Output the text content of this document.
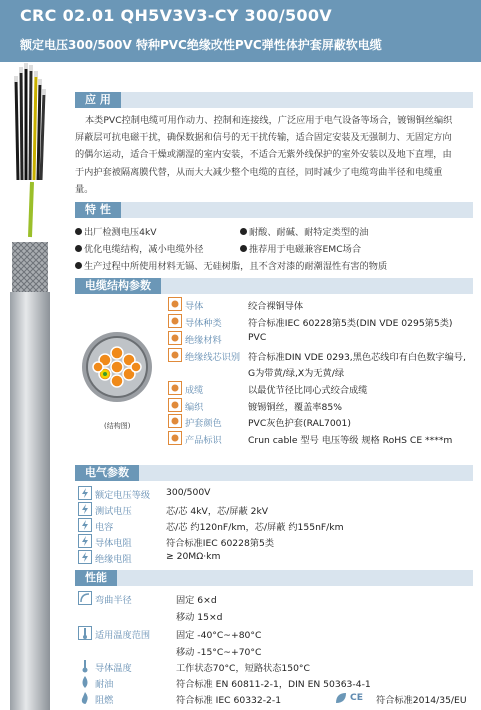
CRC 02.01 QH5V3V3-CY 300/500V
额定电压300/500V 特种PVC绝缘改性PVC弹性体护套屏蔽软电缆
应 用
本类PVC控制电缆可用作动力、控制和连接线，广泛应用于电气设备等场合，镀锡铜丝编织
屏蔽层可抗电磁干扰，确保数据和信号的无干扰传输，适合固定安装及无强制力、无固定方向
的偶尔运动，适合干燥或潮湿的室内安装，不适合无紫外线保护的室外安装以及地下直埋，由
于内护套被隔离膜代替，从而大大减少整个电缆的直径，同时减少了电缆弯曲半径和电缆重
量。
特 性
出厂检测电压4kV	耐酸、耐碱、耐特定类型的油
优化电缆结构，减小电缆外径	推荐用于电磁兼容EMC场合
生产过程中所使用材料无镉、无硅树脂，且不含对漆的耐潮湿性有害的物质
电缆结构参数
(结构图)
导体	绞合裸铜导体
导体种类	符合标准IEC 60228第5类(DIN VDE 0295第5类)
绝缘材料	PVC
绝缘线芯识别 符合标准DIN VDE 0293,黑色芯线印有白色数字编号,
G为带黄/绿,X为无黄/绿
成缆	以最优节径比同心式绞合成缆
编织	镀锡铜丝，覆盖率85%
护套颜色	PVC灰色护套(RAL7001)
产品标识	Crun cable 型号 电压等级 规格 RoHS CE ****m
电气参数
额定电压等级 300/500V
测试电压	芯/芯 4kV，芯/屏蔽 2kV
电容	芯/芯 约120nF/km，芯/屏蔽 约155nF/km
导体电阻	符合标准IEC 60228第5类
绝缘电阻	≥ 20MΩ·km
性能
弯曲半径	固定 6×d
移动 15×d
适用温度范围	固定 -40°C~+80°C
移动 -15°C~+70°C
导体温度	工作状态70°C，短路状态150°C
耐油	符合标准 EN 60811-2-1，DIN EN 50363-4-1
阻燃	符合标准 IEC 60332-2-1	CE 符合标准2014/35/EU
